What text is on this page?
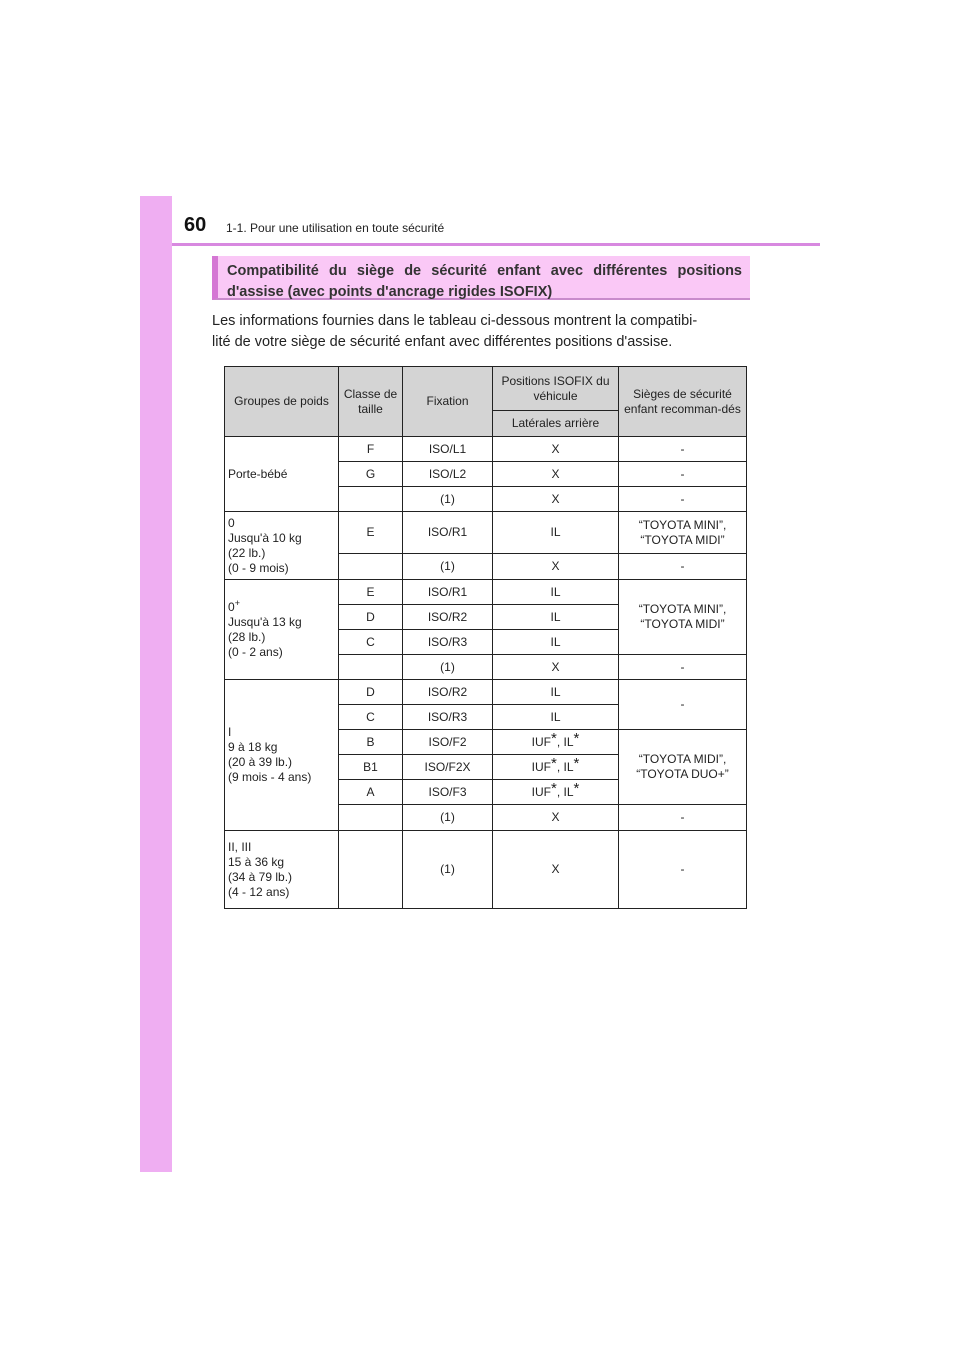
60 1-1. Pour une utilisation en toute sécurité
Compatibilité du siège de sécurité enfant avec différentes positions d'assise (avec points d'ancrage rigides ISOFIX)
Les informations fournies dans le tableau ci-dessous montrent la compatibi-
lité de votre siège de sécurité enfant avec différentes positions d'assise.
Groupes de poids	Classe de taille	Fixation	Positions ISOFIX du véhicule	Sièges de sécurité enfant recomman-dés
			Latérales arrière	
Porte-bébé	F	ISO/L1	X	-
	G	ISO/L2	X	-
		(1)	X	-
0
Jusqu'à 10 kg
(22 lb.)
(0 - 9 mois)	E	ISO/R1	IL	“TOYOTA MINI”,
“TOYOTA MIDI”
		(1)	X	-
0+
Jusqu'à 13 kg
(28 lb.)
(0 - 2 ans)	E	ISO/R1	IL	“TOYOTA MINI”,
“TOYOTA MIDI”
	D	ISO/R2	IL	
	C	ISO/R3	IL	
		(1)	X	-
I
9 à 18 kg
(20 à 39 lb.)
(9 mois - 4 ans)	D	ISO/R2	IL	-
	C	ISO/R3	IL	
	B	ISO/F2	IUF*, IL*	“TOYOTA MIDI”,
“TOYOTA DUO+”
	B1	ISO/F2X	IUF*, IL*
	A	ISO/F3	IUF*, IL*
		(1)	X	-
II, III
15 à 36 kg
(34 à 79 lb.)
(4 - 12 ans)		(1)	X	-
